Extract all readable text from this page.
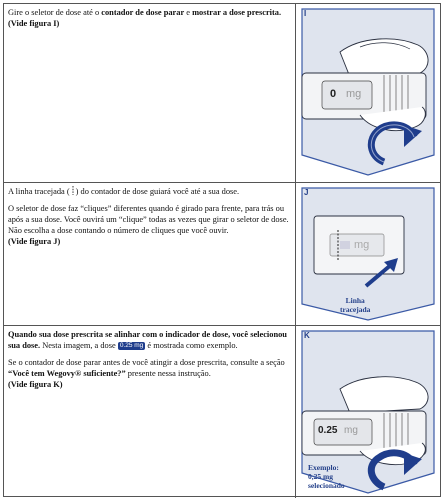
Gire o seletor de dose até o contador de dose parar e mostrar a dose prescrita.
(Vide figura I)

I
0 mg

A linha tracejada ( ) do contador de dose guiará você até a sua dose.

O seletor de dose faz “cliques” diferentes quando é girado para frente, para trás ou após a sua dose. Você ouvirá um “clique” todas as vezes que girar o seletor de dose. Não escolha a dose contando o número de cliques que você ouvir.
(Vide figura J)

J
mg
Linha
tracejada

Quando sua dose prescrita se alinhar com o indicador de dose, você selecionou sua dose. Nesta imagem, a dose 0.25 mg é mostrada como exemplo.

Se o contador de dose parar antes de você atingir a dose prescrita, consulte a seção “Você tem Wegovy® suficiente?” presente nessa instrução.
(Vide figura K)

K
0.25 mg
Exemplo:
0,25 mg
selecionado
